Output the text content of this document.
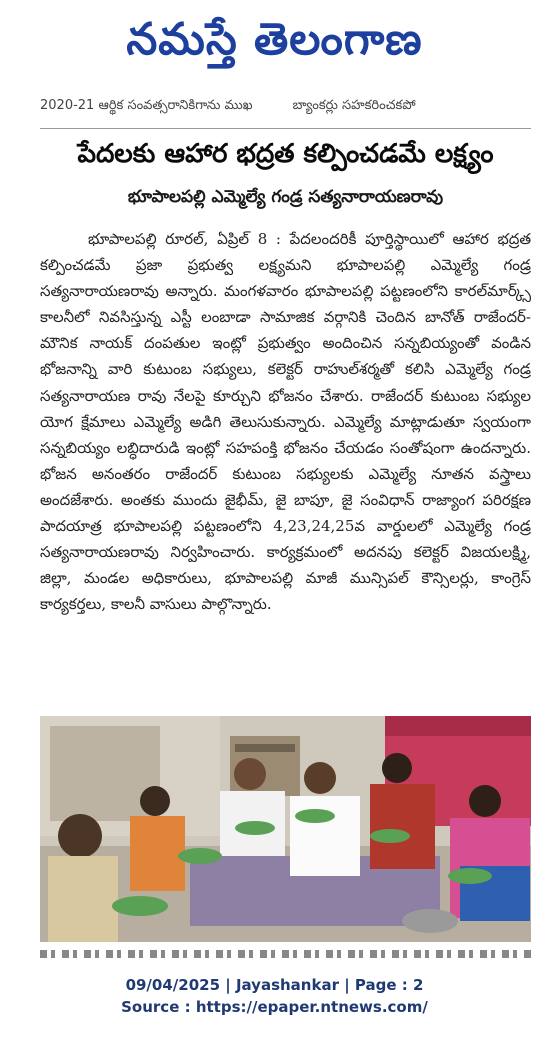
నమస్తే తెలంగాణ
2020-21 ఆర్థిక సంవత్సరానికిగాను ముఖ	బ్యాంకర్లు సహకరించకపో
పేదలకు ఆహార భద్రత కల్పించడమే లక్ష్యం
భూపాలపల్లి ఎమ్మెల్యే గండ్ర సత్యనారాయణరావు

భూపాలపల్లి రూరల్, ఏప్రిల్ 8 : పేదలందరికీ పూర్తిస్థాయిలో ఆహార భద్రత కల్పించడమే ప్రజా ప్రభుత్వ లక్ష్యమని భూపాలపల్లి ఎమ్మెల్యే గండ్ర సత్యనారాయణరావు అన్నారు. మంగళవారం భూపాలపల్లి పట్టణంలోని కారల్‌మార్క్స్ కాలనీలో నివసిస్తున్న ఎస్టీ లంబాడా సామాజిక వర్గానికి చెందిన బానోత్ రాజేందర్-మౌనిక నాయక్ దంపతుల ఇంట్లో ప్రభుత్వం అందించిన సన్నబియ్యంతో వండిన భోజనాన్ని వారి కుటుంబ సభ్యులు, కలెక్టర్ రాహుల్‌శర్మతో కలిసి ఎమ్మెల్యే గండ్ర సత్యనారాయణ రావు నేలపై కూర్చుని భోజనం చేశారు. రాజేందర్ కుటుంబ సభ్యుల యోగ క్షేమాలు ఎమ్మెల్యే అడిగి తెలుసుకున్నారు. ఎమ్మెల్యే మాట్లాడుతూ స్వయంగా సన్నబియ్యం లబ్ధిదారుడి ఇంట్లో సహపంక్తి భోజనం చేయడం సంతోషంగా ఉందన్నారు. భోజన అనంతరం రాజేందర్ కుటుంబ సభ్యులకు ఎమ్మెల్యే నూతన వస్త్రాలు అందజేశారు. అంతకు ముందు జైభీమ్, జై బాపూ, జై సంవిధాన్ రాజ్యాంగ పరిరక్షణ పాదయాత్ర భూపాలపల్లి పట్టణంలోని 4,23,24,25వ వార్డులలో ఎమ్మెల్యే గండ్ర సత్యనారాయణరావు నిర్వహించారు. కార్యక్రమంలో అదనపు కలెక్టర్ విజయలక్ష్మి, జిల్లా, మండల అధికారులు, భూపాలపల్లి మాజీ మున్సిపల్ కౌన్సిలర్లు, కాంగ్రెస్ కార్యకర్తలు, కాలనీ వాసులు పాల్గొన్నారు.

09/04/2025 | Jayashankar | Page : 2
Source : https://epaper.ntnews.com/
